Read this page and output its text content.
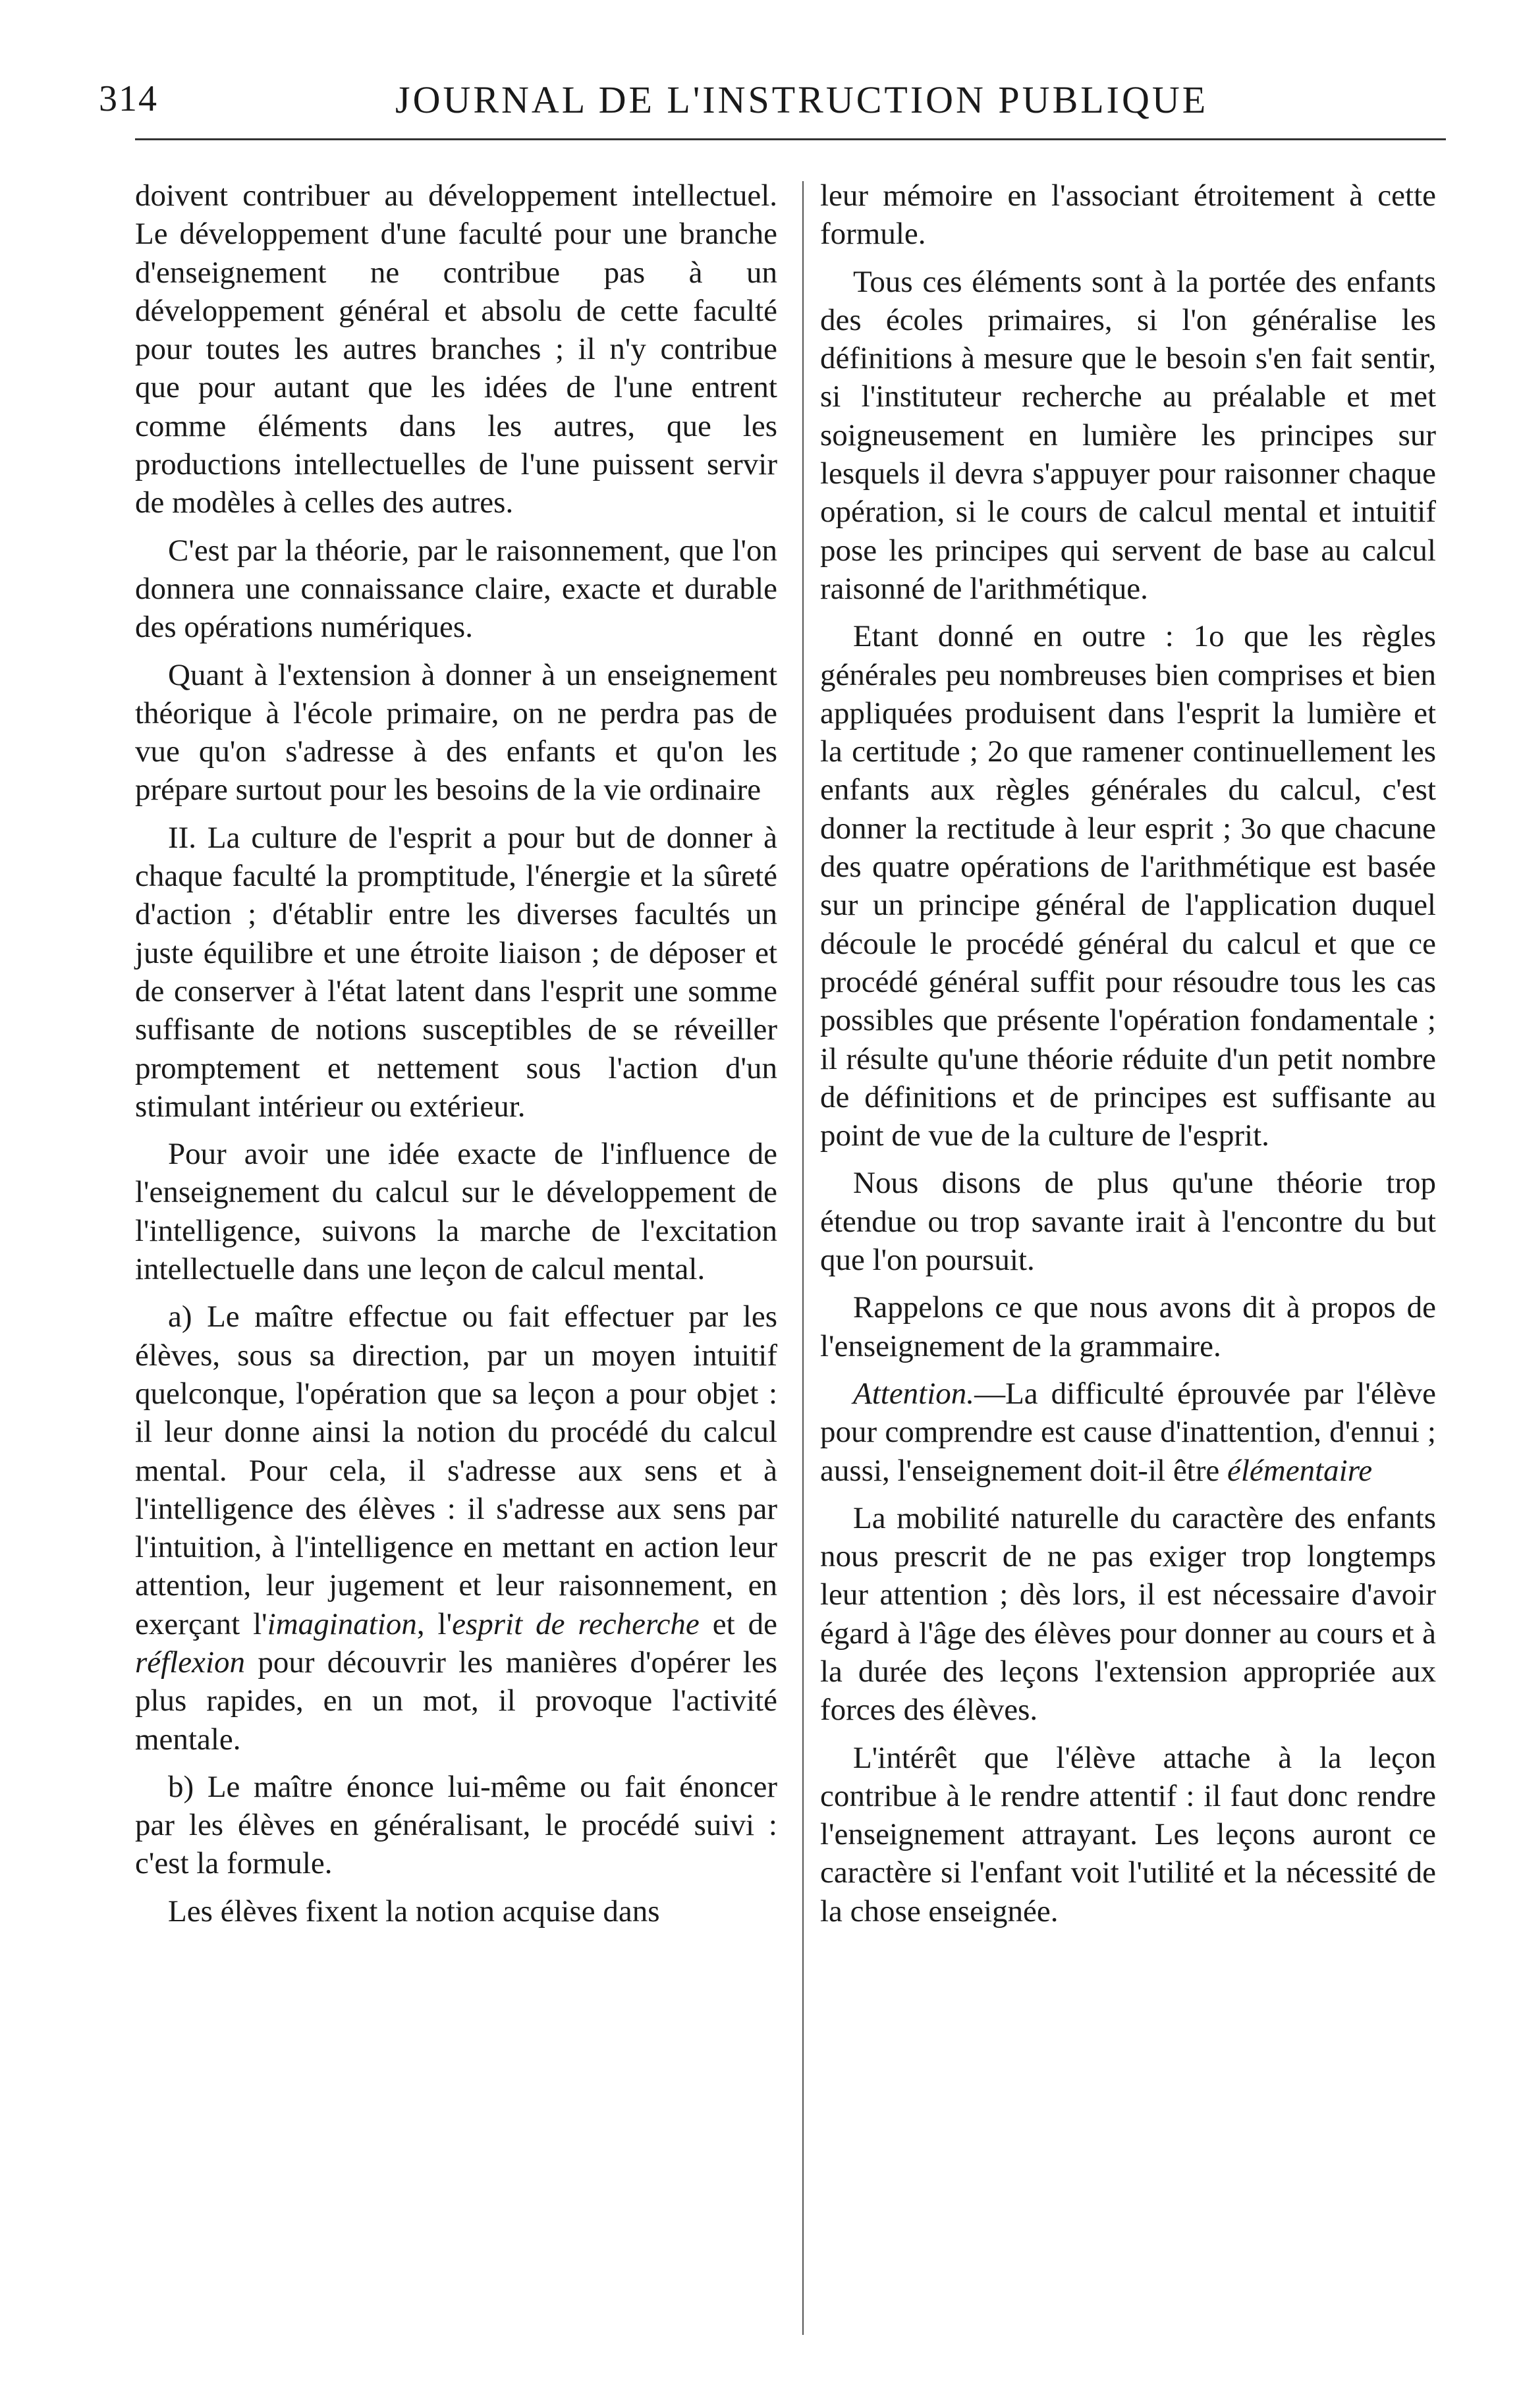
314	JOURNAL DE L'INSTRUCTION PUBLIQUE

doivent contribuer au développement intellectuel. Le développement d'une faculté pour une branche d'enseignement ne contribue pas à un développement général et absolu de cette faculté pour toutes les autres branches ; il n'y contribue que pour autant que les idées de l'une entrent comme éléments dans les autres, que les productions intellectuelles de l'une puissent servir de modèles à celles des autres.

C'est par la théorie, par le raisonnement, que l'on donnera une connaissance claire, exacte et durable des opérations numériques.

Quant à l'extension à donner à un enseignement théorique à l'école primaire, on ne perdra pas de vue qu'on s'adresse à des enfants et qu'on les prépare surtout pour les besoins de la vie ordinaire

II. La culture de l'esprit a pour but de donner à chaque faculté la promptitude, l'énergie et la sûreté d'action ; d'établir entre les diverses facultés un juste équilibre et une étroite liaison ; de déposer et de conserver à l'état latent dans l'esprit une somme suffisante de notions susceptibles de se réveiller promptement et nettement sous l'action d'un stimulant intérieur ou extérieur.

Pour avoir une idée exacte de l'influence de l'enseignement du calcul sur le développement de l'intelligence, suivons la marche de l'excitation intellectuelle dans une leçon de calcul mental.

a) Le maître effectue ou fait effectuer par les élèves, sous sa direction, par un moyen intuitif quelconque, l'opération que sa leçon a pour objet : il leur donne ainsi la notion du procédé du calcul mental. Pour cela, il s'adresse aux sens et à l'intelligence des élèves : il s'adresse aux sens par l'intuition, à l'intelligence en mettant en action leur attention, leur jugement et leur raisonnement, en exerçant l'imagination, l'esprit de recherche et de réflexion pour découvrir les manières d'opérer les plus rapides, en un mot, il provoque l'activité mentale.

b) Le maître énonce lui-même ou fait énoncer par les élèves en généralisant, le procédé suivi : c'est la formule.

Les élèves fixent la notion acquise dans

leur mémoire en l'associant étroitement à cette formule.

Tous ces éléments sont à la portée des enfants des écoles primaires, si l'on généralise les définitions à mesure que le besoin s'en fait sentir, si l'instituteur recherche au préalable et met soigneusement en lumière les principes sur lesquels il devra s'appuyer pour raisonner chaque opération, si le cours de calcul mental et intuitif pose les principes qui servent de base au calcul raisonné de l'arithmétique.

Etant donné en outre : 1o que les règles générales peu nombreuses bien comprises et bien appliquées produisent dans l'esprit la lumière et la certitude ; 2o que ramener continuellement les enfants aux règles générales du calcul, c'est donner la rectitude à leur esprit ; 3o que chacune des quatre opérations de l'arithmétique est basée sur un principe général de l'application duquel découle le procédé général du calcul et que ce procédé général suffit pour résoudre tous les cas possibles que présente l'opération fondamentale ; il résulte qu'une théorie réduite d'un petit nombre de définitions et de principes est suffisante au point de vue de la culture de l'esprit.

Nous disons de plus qu'une théorie trop étendue ou trop savante irait à l'encontre du but que l'on poursuit.

Rappelons ce que nous avons dit à propos de l'enseignement de la grammaire.

Attention.—La difficulté éprouvée par l'élève pour comprendre est cause d'inattention, d'ennui ; aussi, l'enseignement doit-il être élémentaire

La mobilité naturelle du caractère des enfants nous prescrit de ne pas exiger trop longtemps leur attention ; dès lors, il est nécessaire d'avoir égard à l'âge des élèves pour donner au cours et à la durée des leçons l'extension appropriée aux forces des élèves.

L'intérêt que l'élève attache à la leçon contribue à le rendre attentif : il faut donc rendre l'enseignement attrayant. Les leçons auront ce caractère si l'enfant voit l'utilité et la nécessité de la chose enseignée.
